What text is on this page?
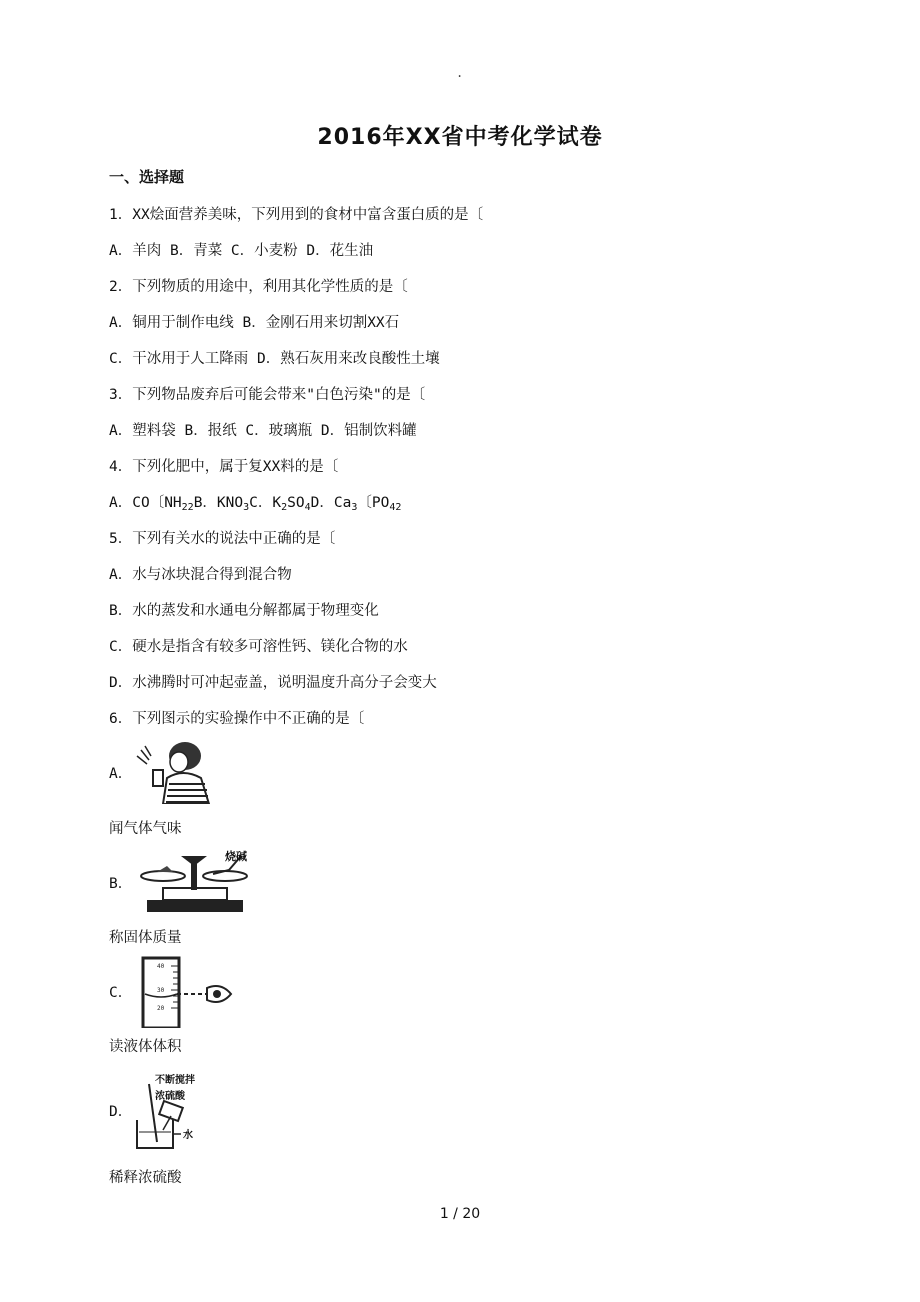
.
2016年XX省中考化学试卷
一、选择题
1．XX烩面营养美味，下列用到的食材中富含蛋白质的是〔
A．羊肉 B．青菜 C．小麦粉 D．花生油
2．下列物质的用途中，利用其化学性质的是〔
A．铜用于制作电线 B．金刚石用来切割XX石
C．干冰用于人工降雨 D．熟石灰用来改良酸性土壤
3．下列物品废弃后可能会带来"白色污染"的是〔
A．塑料袋 B．报纸 C．玻璃瓶 D．铝制饮料罐
4．下列化肥中，属于复XX料的是〔
A．CO〔$NH_{22}B$．$KNO_3C$．$K_2SO_4D$．$Ca_3$〔$PO_{42}$
5．下列有关水的说法中正确的是〔
A．水与冰块混合得到混合物
B．水的蒸发和水通电分解都属于物理变化
C．硬水是指含有较多可溶性钙、镁化合物的水
D．水沸腾时可冲起壶盖，说明温度升高分子会变大
6．下列图示的实验操作中不正确的是〔
A．
闻气体气味
B．
烧碱
称固体质量
C．
40
30
20
读液体体积
D．
不断搅拌
浓硫酸
水
稀释浓硫酸
1 / 20
